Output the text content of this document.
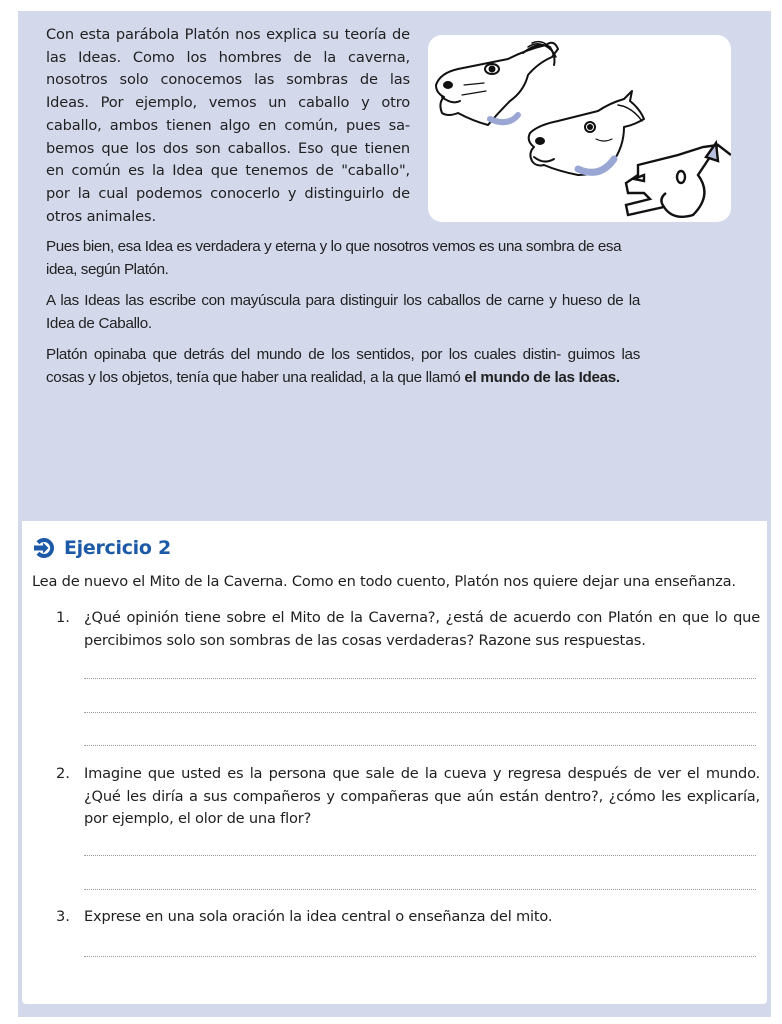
Con esta parábola Platón nos explica su teoría de las Ideas. Como los hombres de la caverna, nosotros solo conocemos las sombras de las Ideas. Por ejemplo, vemos un caballo y otro caballo, ambos tienen algo en común, pues sa- bemos que los dos son caballos. Eso que tienen en común es la Idea que tenemos de "caballo", por la cual podemos conocerlo y distinguirlo de otros animales.

Pues bien, esa Idea es verdadera y eterna y lo que nosotros vemos es una sombra de esa idea, según Platón.

A las Ideas las escribe con mayúscula para distinguir los caballos de carne y hueso de la Idea de Caballo.

Platón opinaba que detrás del mundo de los sentidos, por los cuales distin- guimos las cosas y los objetos, tenía que haber una realidad, a la que llamó el mundo de las Ideas.

Ejercicio 2

Lea de nuevo el Mito de la Caverna. Como en todo cuento, Platón nos quiere dejar una enseñanza.

1. ¿Qué opinión tiene sobre el Mito de la Caverna?, ¿está de acuerdo con Platón en que lo que percibimos solo son sombras de las cosas verdaderas? Razone sus respuestas.
2. Imagine que usted es la persona que sale de la cueva y regresa después de ver el mundo. ¿Qué les diría a sus compañeros y compañeras que aún están dentro?, ¿cómo les explicaría, por ejemplo, el olor de una flor?
3. Exprese en una sola oración la idea central o enseñanza del mito.
